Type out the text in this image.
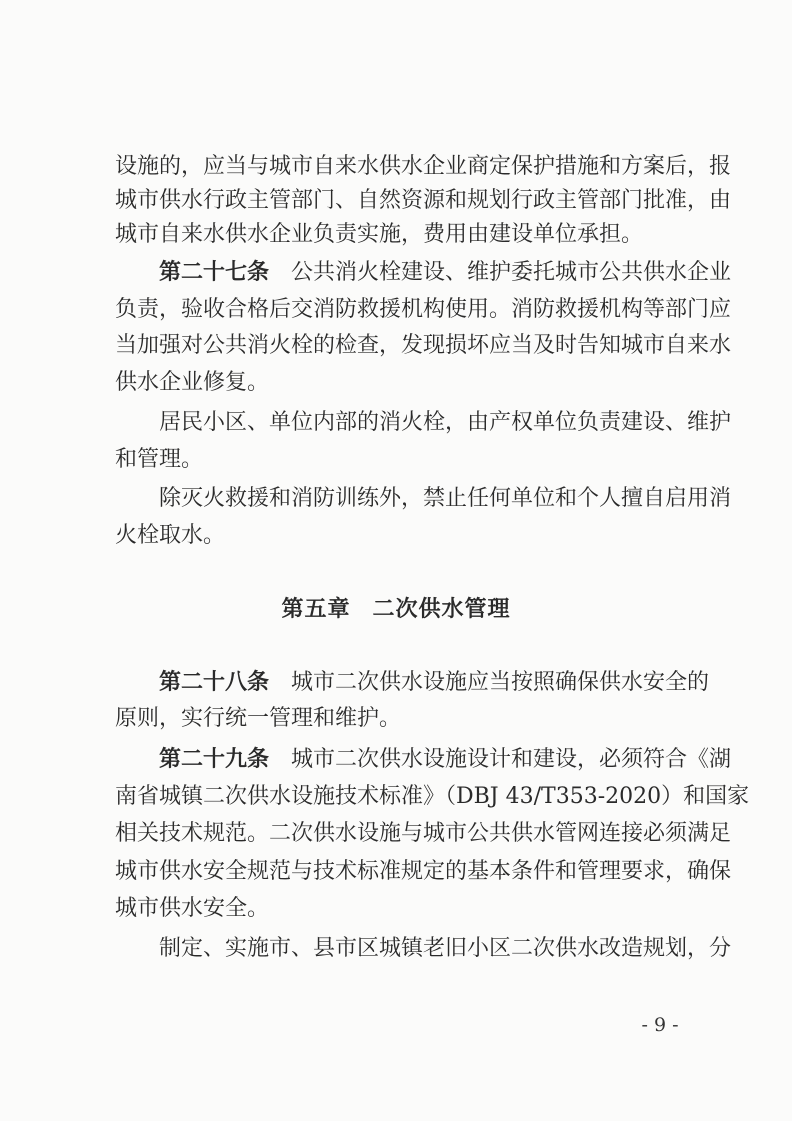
设施的，应当与城市自来水供水企业商定保护措施和方案后，报
城市供水行政主管部门、自然资源和规划行政主管部门批准，由
城市自来水供水企业负责实施，费用由建设单位承担。
第二十七条 公共消火栓建设、维护委托城市公共供水企业
负责，验收合格后交消防救援机构使用。消防救援机构等部门应
当加强对公共消火栓的检查，发现损坏应当及时告知城市自来水
供水企业修复。
居民小区、单位内部的消火栓，由产权单位负责建设、维护
和管理。
除灭火救援和消防训练外，禁止任何单位和个人擅自启用消
火栓取水。
第五章 二次供水管理
第二十八条 城市二次供水设施应当按照确保供水安全的
原则，实行统一管理和维护。
第二十九条 城市二次供水设施设计和建设，必须符合《湖
南省城镇二次供水设施技术标准》（DBJ 43/T353-2020）和国家
相关技术规范。二次供水设施与城市公共供水管网连接必须满足
城市供水安全规范与技术标准规定的基本条件和管理要求，确保
城市供水安全。
制定、实施市、县市区城镇老旧小区二次供水改造规划，分
- 9 -
